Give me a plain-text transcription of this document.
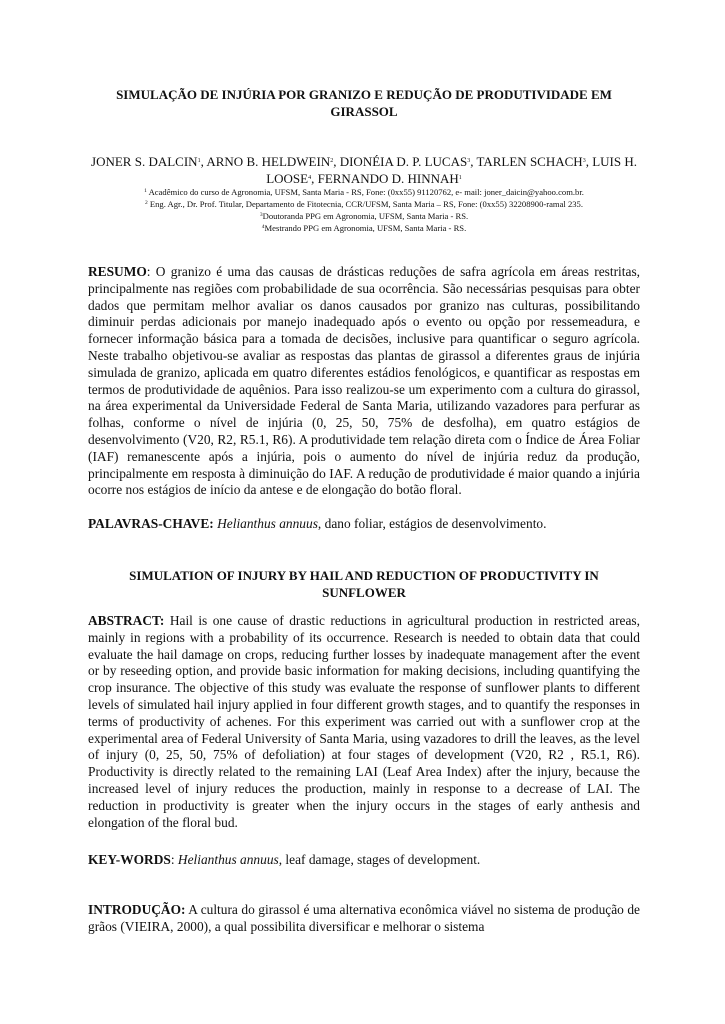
SIMULAÇÃO DE INJÚRIA POR GRANIZO E REDUÇÃO DE PRODUTIVIDADE EM GIRASSOL

JONER S. DALCIN$^1$, ARNO B. HELDWEIN$^2$, DIONÉIA D. P. LUCAS$^3$, TARLEN SCHACH$^3$, LUIS H. LOOSE$^4$, FERNANDO D. HINNAH$^1$
$^1$ Acadêmico do curso de Agronomia, UFSM, Santa Maria - RS, Fone: (0xx55) 91120762, e- mail: joner_daicin@yahoo.com.br.
$^2$ Eng. Agr., Dr. Prof. Titular, Departamento de Fitotecnia, CCR/UFSM, Santa Maria – RS, Fone: (0xx55) 32208900-ramal 235.
$^3$Doutoranda PPG em Agronomia, UFSM, Santa Maria - RS.
$^4$Mestrando PPG em Agronomia, UFSM, Santa Maria - RS.

RESUMO: O granizo é uma das causas de drásticas reduções de safra agrícola em áreas restritas, principalmente nas regiões com probabilidade de sua ocorrência. São necessárias pesquisas para obter dados que permitam melhor avaliar os danos causados por granizo nas culturas, possibilitando diminuir perdas adicionais por manejo inadequado após o evento ou opção por ressemeadura, e fornecer informação básica para a tomada de decisões, inclusive para quantificar o seguro agrícola. Neste trabalho objetivou-se avaliar as respostas das plantas de girassol a diferentes graus de injúria simulada de granizo, aplicada em quatro diferentes estádios fenológicos, e quantificar as respostas em termos de produtividade de aquênios. Para isso realizou-se um experimento com a cultura do girassol, na área experimental da Universidade Federal de Santa Maria, utilizando vazadores para perfurar as folhas, conforme o nível de injúria (0, 25, 50, 75% de desfolha), em quatro estágios de desenvolvimento (V20, R2, R5.1, R6). A produtividade tem relação direta com o Índice de Área Foliar (IAF) remanescente após a injúria, pois o aumento do nível de injúria reduz da produção, principalmente em resposta à diminuição do IAF. A redução de produtividade é maior quando a injúria ocorre nos estágios de início da antese e de elongação do botão floral.

PALAVRAS-CHAVE: Helianthus annuus, dano foliar, estágios de desenvolvimento.

SIMULATION OF INJURY BY HAIL AND REDUCTION OF PRODUCTIVITY IN SUNFLOWER

ABSTRACT: Hail is one cause of drastic reductions in agricultural production in restricted areas, mainly in regions with a probability of its occurrence. Research is needed to obtain data that could evaluate the hail damage on crops, reducing further losses by inadequate management after the event or by reseeding option, and provide basic information for making decisions, including quantifying the crop insurance. The objective of this study was evaluate the response of sunflower plants to different levels of simulated hail injury applied in four different growth stages, and to quantify the responses in terms of productivity of achenes. For this experiment was carried out with a sunflower crop at the experimental area of Federal University of Santa Maria, using vazadores to drill the leaves, as the level of injury (0, 25, 50, 75% of defoliation) at four stages of development (V20, R2 , R5.1, R6). Productivity is directly related to the remaining LAI (Leaf Area Index) after the injury, because the increased level of injury reduces the production, mainly in response to a decrease of LAI. The reduction in productivity is greater when the injury occurs in the stages of early anthesis and elongation of the floral bud.

KEY-WORDS: Helianthus annuus, leaf damage, stages of development.

INTRODUÇÃO: A cultura do girassol é uma alternativa econômica viável no sistema de produção de grãos (VIEIRA, 2000), a qual possibilita diversificar e melhorar o sistema
